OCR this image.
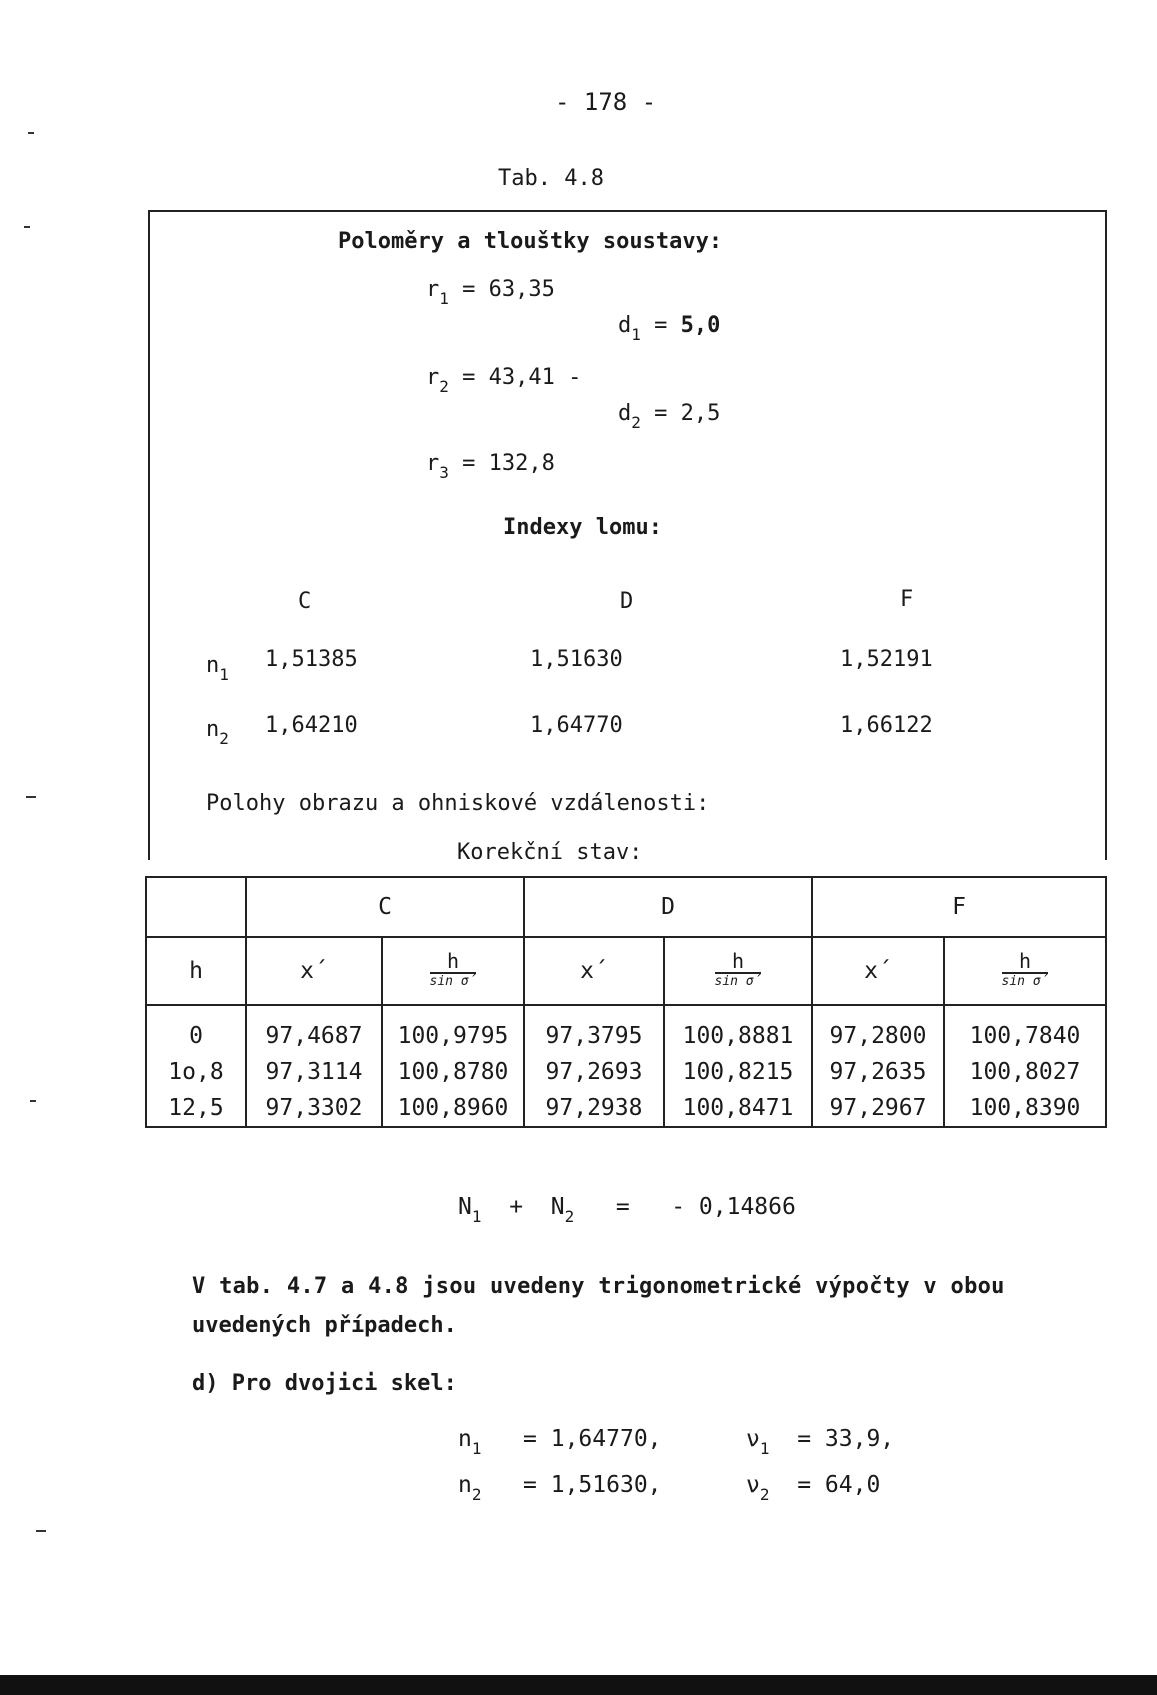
- 178 -
Tab. 4.8
Poloměry a tlouštky soustavy:
$r_1 = 63,35$
$d_1 = 5,0$
$r_2 = 43,41$ -
$d_2 = 2,5$
$r_3 = 132,8$
Indexy lomu:
C	D	F
$n_1$
1,51385	1,51630	1,52191
$n_2$
1,64210	1,64770	1,66122
Polohy obrazu a ohniskové vzdálenosti:
Korekční stav:
	C		D		F	
h	x´	$\frac{h}{\text{sin σ´}}$	x´	$\frac{h}{\text{sin σ´}}$	x´	$\frac{h}{\text{sin σ´}}$

0	97,4687	100,9795	97,3795	100,8881	97,2800	100,7840
1o,8	97,3114	100,8780	97,2693	100,8215	97,2635	100,8027
12,5	97,3302	100,8960	97,2938	100,8471	97,2967	100,8390
$N_1 + N_2$ = - 0,14866
V tab. 4.7 a 4.8 jsou uvedeny trigonometrické výpočty v obou
uvedených případech.
d) Pro dvojici skel:
$n_1 = 1,64770$,	$\nu_1 = 33,9$,
$n_2 = 1,51630$,	$\nu_2 = 64,0$
